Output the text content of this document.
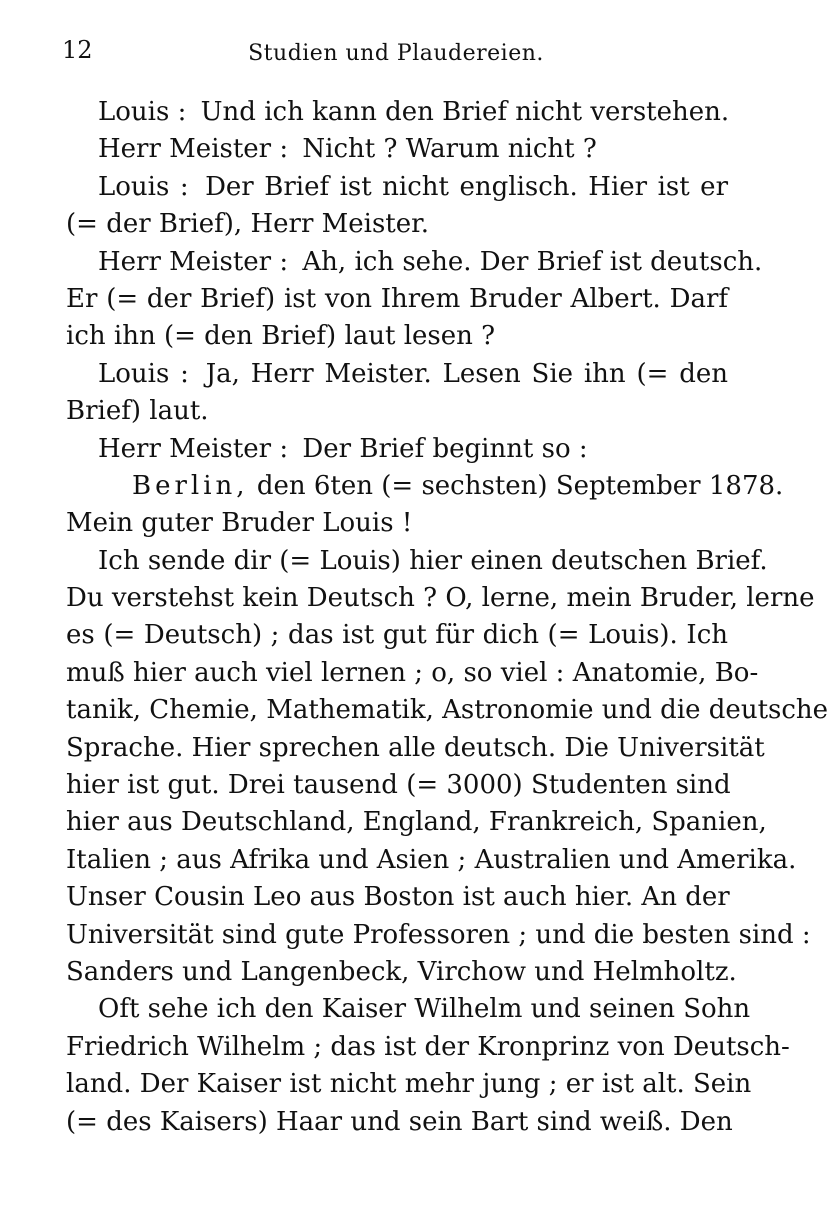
12	Studien und Plaudereien.
Louis : Und ich kann den Brief nicht verstehen.
Herr Meister : Nicht ? Warum nicht ?
Louis : Der Brief ist nicht englisch. Hier ist er
(= der Brief), Herr Meister.
Herr Meister : Ah, ich sehe. Der Brief ist deutsch.
Er (= der Brief) ist von Ihrem Bruder Albert. Darf
ich ihn (= den Brief) laut lesen ?
Louis : Ja, Herr Meister. Lesen Sie ihn (= den
Brief) laut.
Herr Meister : Der Brief beginnt so :
Berlin, den 6ten (= sechsten) September 1878.
Mein guter Bruder Louis !
Ich sende dir (= Louis) hier einen deutschen Brief.
Du verstehst kein Deutsch ? O, lerne, mein Bruder, lerne
es (= Deutsch) ; das ist gut für dich (= Louis). Ich
muß hier auch viel lernen ; o, so viel : Anatomie, Bo-
tanik, Chemie, Mathematik, Astronomie und die deutsche
Sprache. Hier sprechen alle deutsch. Die Universität
hier ist gut. Drei tausend (= 3000) Studenten sind
hier aus Deutschland, England, Frankreich, Spanien,
Italien ; aus Afrika und Asien ; Australien und Amerika.
Unser Cousin Leo aus Boston ist auch hier. An der
Universität sind gute Professoren ; und die besten sind :
Sanders und Langenbeck, Virchow und Helmholtz.
Oft sehe ich den Kaiser Wilhelm und seinen Sohn
Friedrich Wilhelm ; das ist der Kronprinz von Deutsch-
land. Der Kaiser ist nicht mehr jung ; er ist alt. Sein
(= des Kaisers) Haar und sein Bart sind weiß. Den
